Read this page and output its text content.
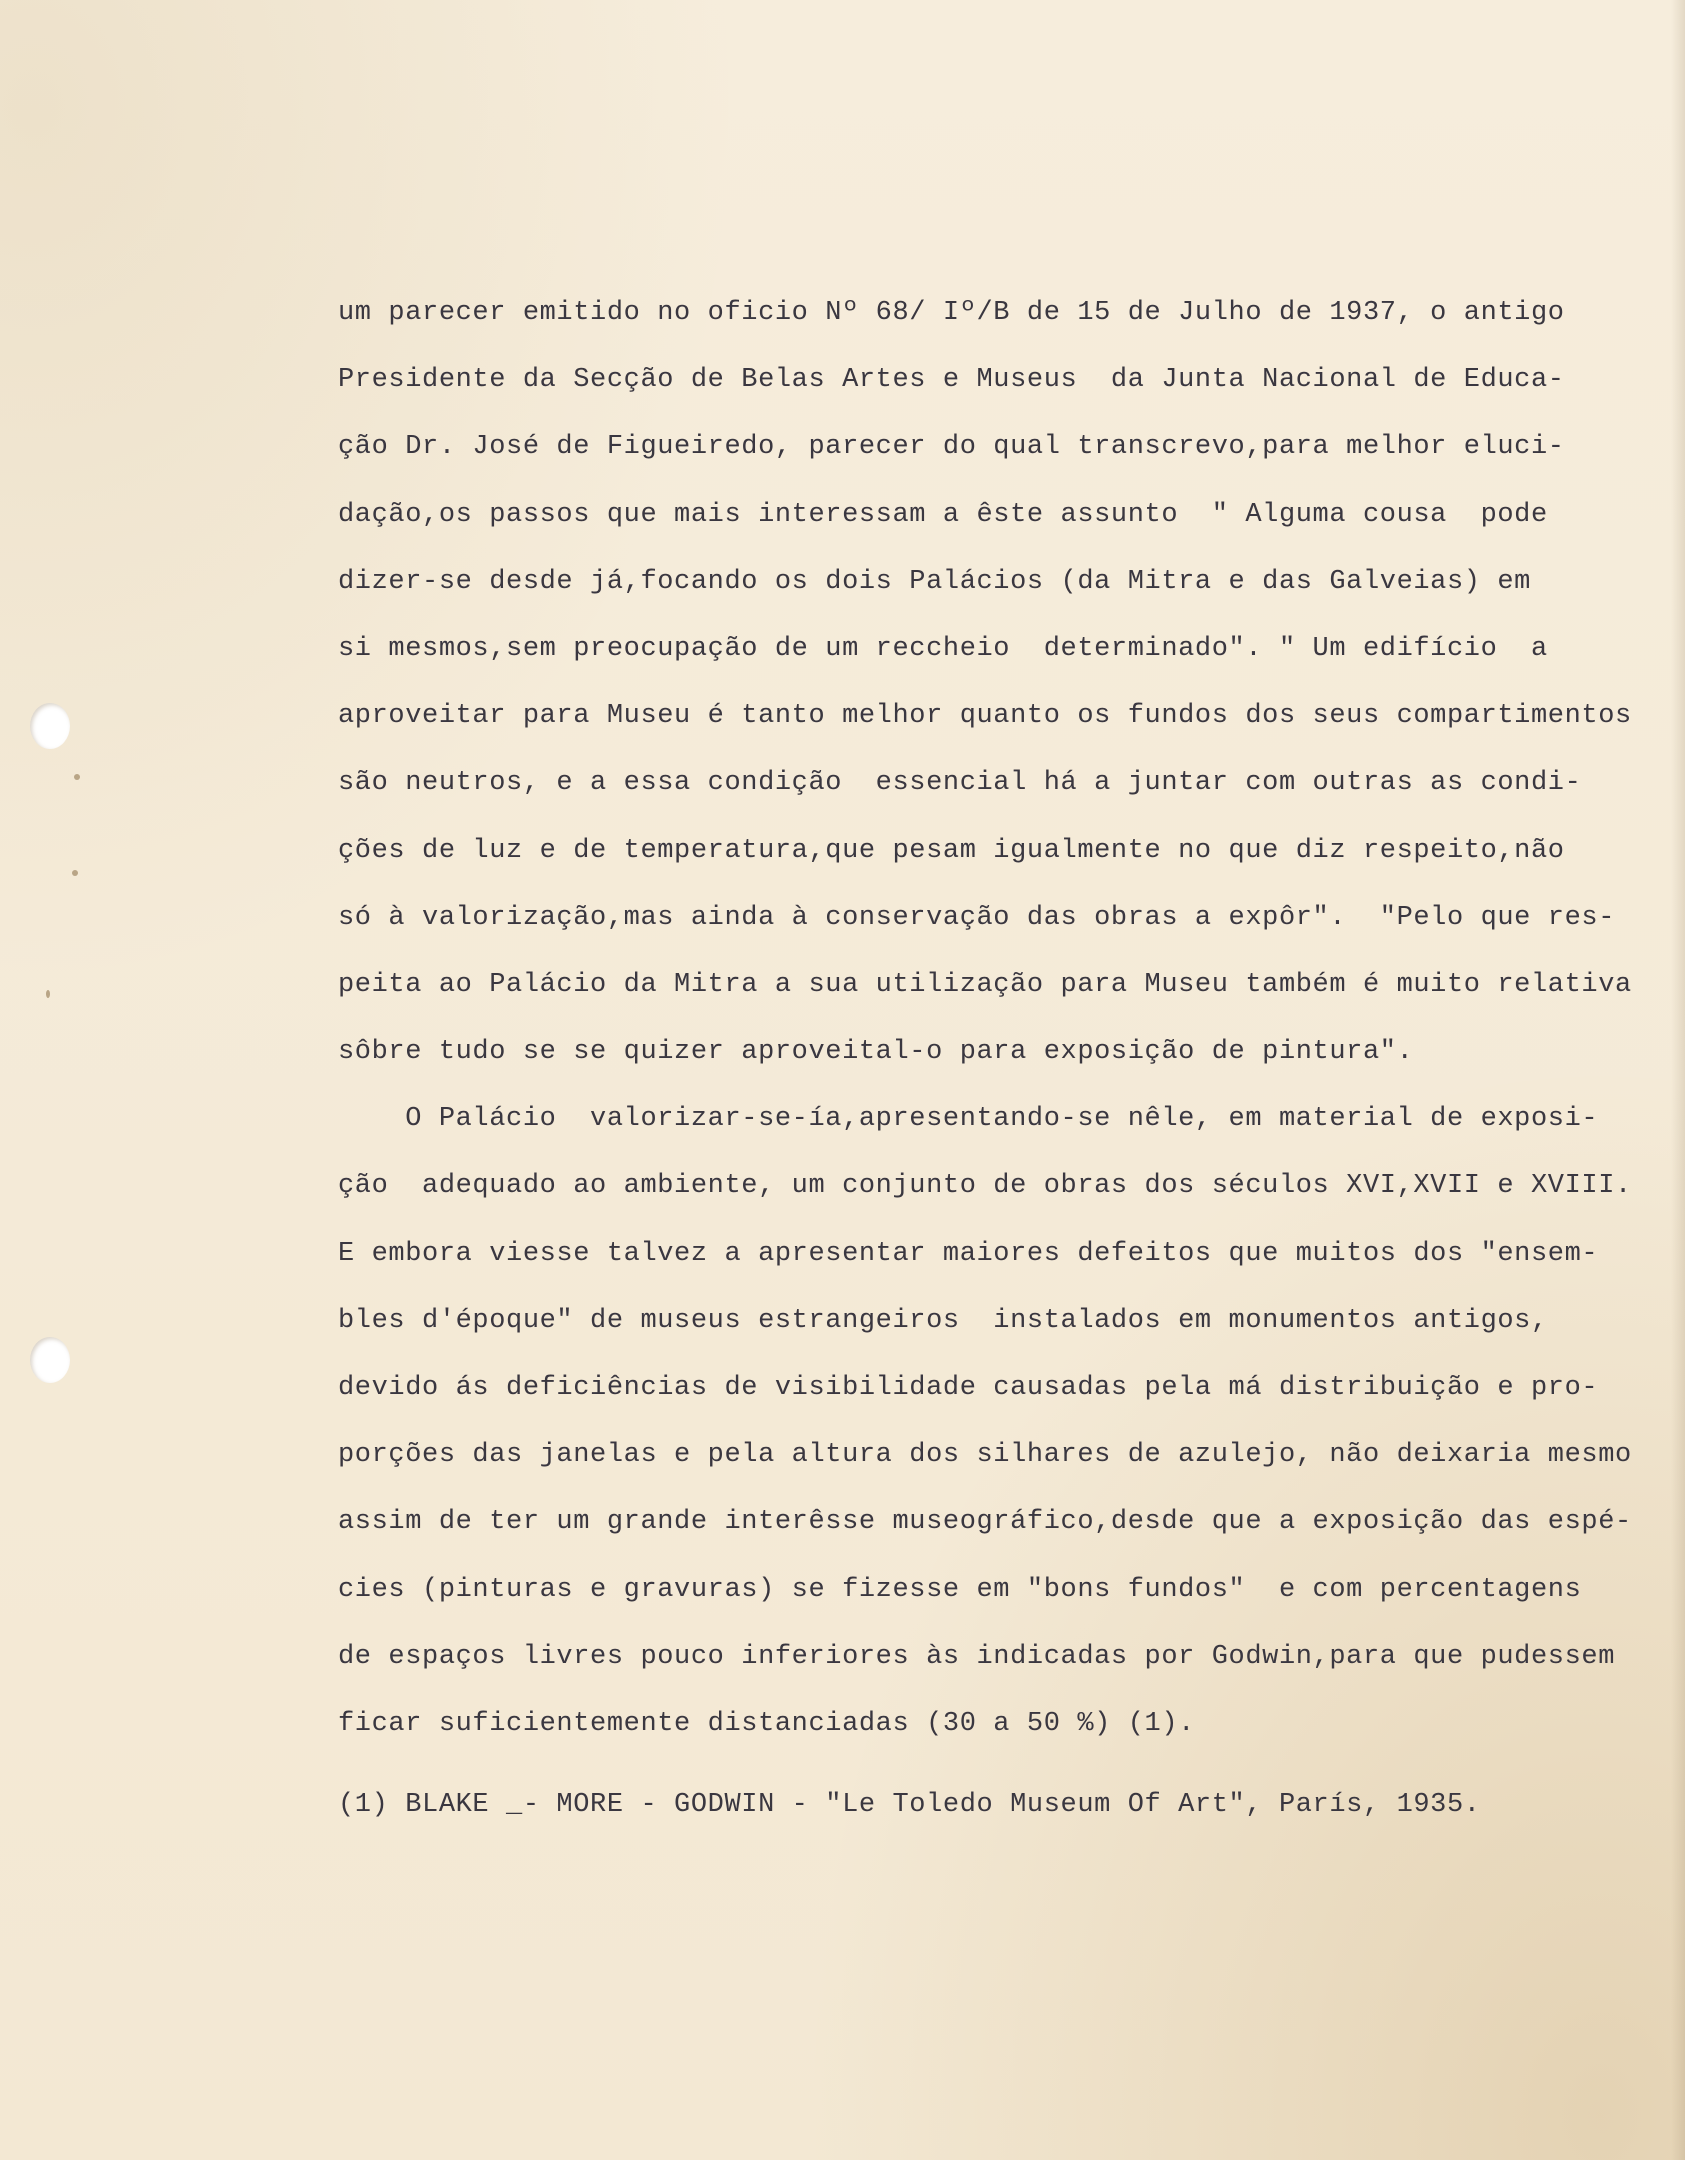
um parecer emitido no oficio Nº 68/ Iº/B de 15 de Julho de 1937, o antigo
Presidente da Secção de Belas Artes e Museus  da Junta Nacional de Educa-
ção Dr. José de Figueiredo, parecer do qual transcrevo,para melhor eluci-
dação,os passos que mais interessam a êste assunto  " Alguma cousa  pode
dizer-se desde já,focando os dois Palácios (da Mitra e das Galveias) em
si mesmos,sem preocupação de um reccheio  determinado". " Um edifício  a
aproveitar para Museu é tanto melhor quanto os fundos dos seus compartimentos
são neutros, e a essa condição  essencial há a juntar com outras as condi-
ções de luz e de temperatura,que pesam igualmente no que diz respeito,não
só à valorização,mas ainda à conservação das obras a expôr".  "Pelo que res-
peita ao Palácio da Mitra a sua utilização para Museu também é muito relativa
sôbre tudo se se quizer aproveital-o para exposição de pintura".
O Palácio  valorizar-se-ía,apresentando-se nêle, em material de exposi-
ção  adequado ao ambiente, um conjunto de obras dos séculos XVI,XVII e XVIII.
E embora viesse talvez a apresentar maiores defeitos que muitos dos "ensem-
bles d'époque" de museus estrangeiros  instalados em monumentos antigos,
devido ás deficiências de visibilidade causadas pela má distribuição e pro-
porções das janelas e pela altura dos silhares de azulejo, não deixaria mesmo
assim de ter um grande interêsse museográfico,desde que a exposição das espé-
cies (pinturas e gravuras) se fizesse em "bons fundos"  e com percentagens
de espaços livres pouco inferiores às indicadas por Godwin,para que pudessem
ficar suficientemente distanciadas (30 a 50 %) (1).
(1) BLAKE _- MORE - GODWIN - "Le Toledo Museum Of Art", París, 1935.
